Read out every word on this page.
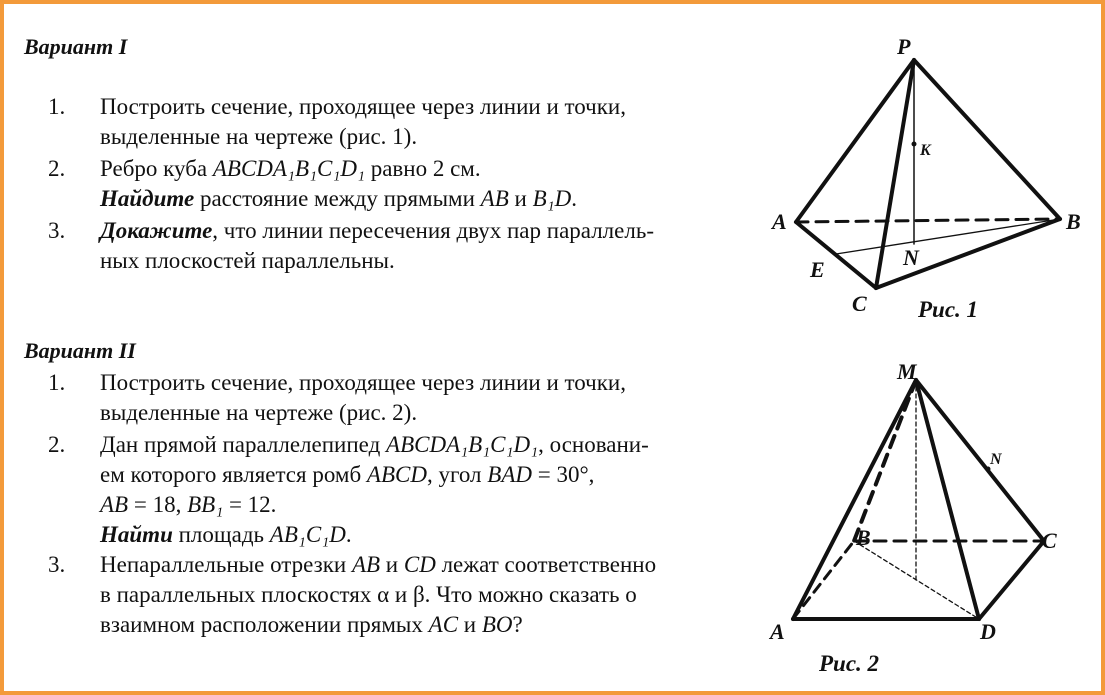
Вариант I
1.	Построить сечение, проходящее через линии и точки,
выделенные на чертеже (рис. 1).
2.	Ребро куба ABCDA₁B₁C₁D₁ равно 2 см.
Найдите расстояние между прямыми AB и B₁D.
3.	Докажите, что линии пересечения двух пар параллель-
ных плоскостей параллельны.
Вариант II
1.	Построить сечение, проходящее через линии и точки,
выделенные на чертеже (рис. 2).
2.	Дан прямой параллелепипед ABCDA₁B₁C₁D₁, основани-
ем которого является ромб ABCD, угол BAD = 30°,
AB = 18, BB₁ = 12.
Найти площадь AB₁C₁D.
3.	Непараллельные отрезки AB и CD лежат соответственно
в параллельных плоскостях α и β. Что можно сказать о
взаимном расположении прямых AC и BO?
P
K
A	B
N
E
C Рис. 1
M
N
B	C
A	D
Рис. 2
